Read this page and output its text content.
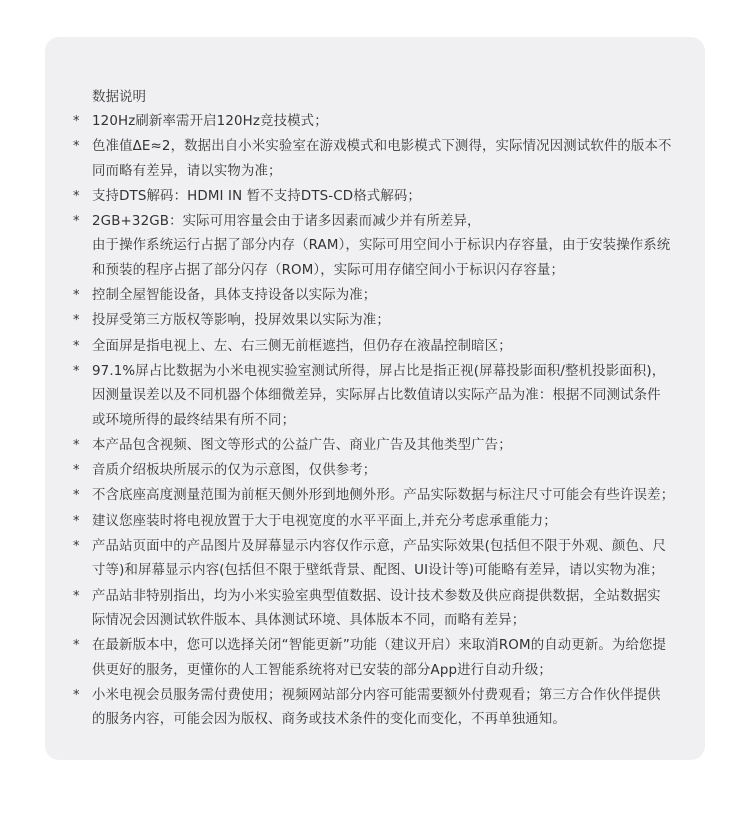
数据说明
* 120Hz刷新率需开启120Hz竞技模式；
* 色准值ΔE≈2，数据出自小米实验室在游戏模式和电影模式下测得，实际情况因测试软件的版本不
同而略有差异，请以实物为准；
* 支持DTS解码：HDMI IN 暂不支持DTS-CD格式解码；
* 2GB+32GB：实际可用容量会由于诸多因素而减少并有所差异，
由于操作系统运行占据了部分内存（RAM），实际可用空间小于标识内存容量，由于安装操作系统
和预装的程序占据了部分闪存（ROM），实际可用存储空间小于标识闪存容量；
* 控制全屋智能设备，具体支持设备以实际为准；
* 投屏受第三方版权等影响，投屏效果以实际为准；
* 全面屏是指电视上、左、右三侧无前框遮挡，但仍存在液晶控制暗区；
* 97.1%屏占比数据为小米电视实验室测试所得，屏占比是指正视(屏幕投影面积/整机投影面积)，
因测量误差以及不同机器个体细微差异，实际屏占比数值请以实际产品为准：根据不同测试条件
或环境所得的最终结果有所不同；
* 本产品包含视频、图文等形式的公益广告、商业广告及其他类型广告；
* 音质介绍板块所展示的仅为示意图，仅供参考；
* 不含底座高度测量范围为前框天侧外形到地侧外形。产品实际数据与标注尺寸可能会有些许误差；
* 建议您座装时将电视放置于大于电视宽度的水平平面上,并充分考虑承重能力；
* 产品站页面中的产品图片及屏幕显示内容仅作示意，产品实际效果(包括但不限于外观、颜色、尺
寸等)和屏幕显示内容(包括但不限于壁纸背景、配图、UI设计等)可能略有差异，请以实物为准；
* 产品站非特别指出，均为小米实验室典型值数据、设计技术参数及供应商提供数据，全站数据实
际情况会因测试软件版本、具体测试环境、具体版本不同，而略有差异；
* 在最新版本中，您可以选择关闭“智能更新”功能（建议开启）来取消ROM的自动更新。为给您提
供更好的服务，更懂你的人工智能系统将对已安装的部分App进行自动升级；
* 小米电视会员服务需付费使用；视频网站部分内容可能需要额外付费观看；第三方合作伙伴提供
的服务内容，可能会因为版权、商务或技术条件的变化而变化，不再单独通知。
